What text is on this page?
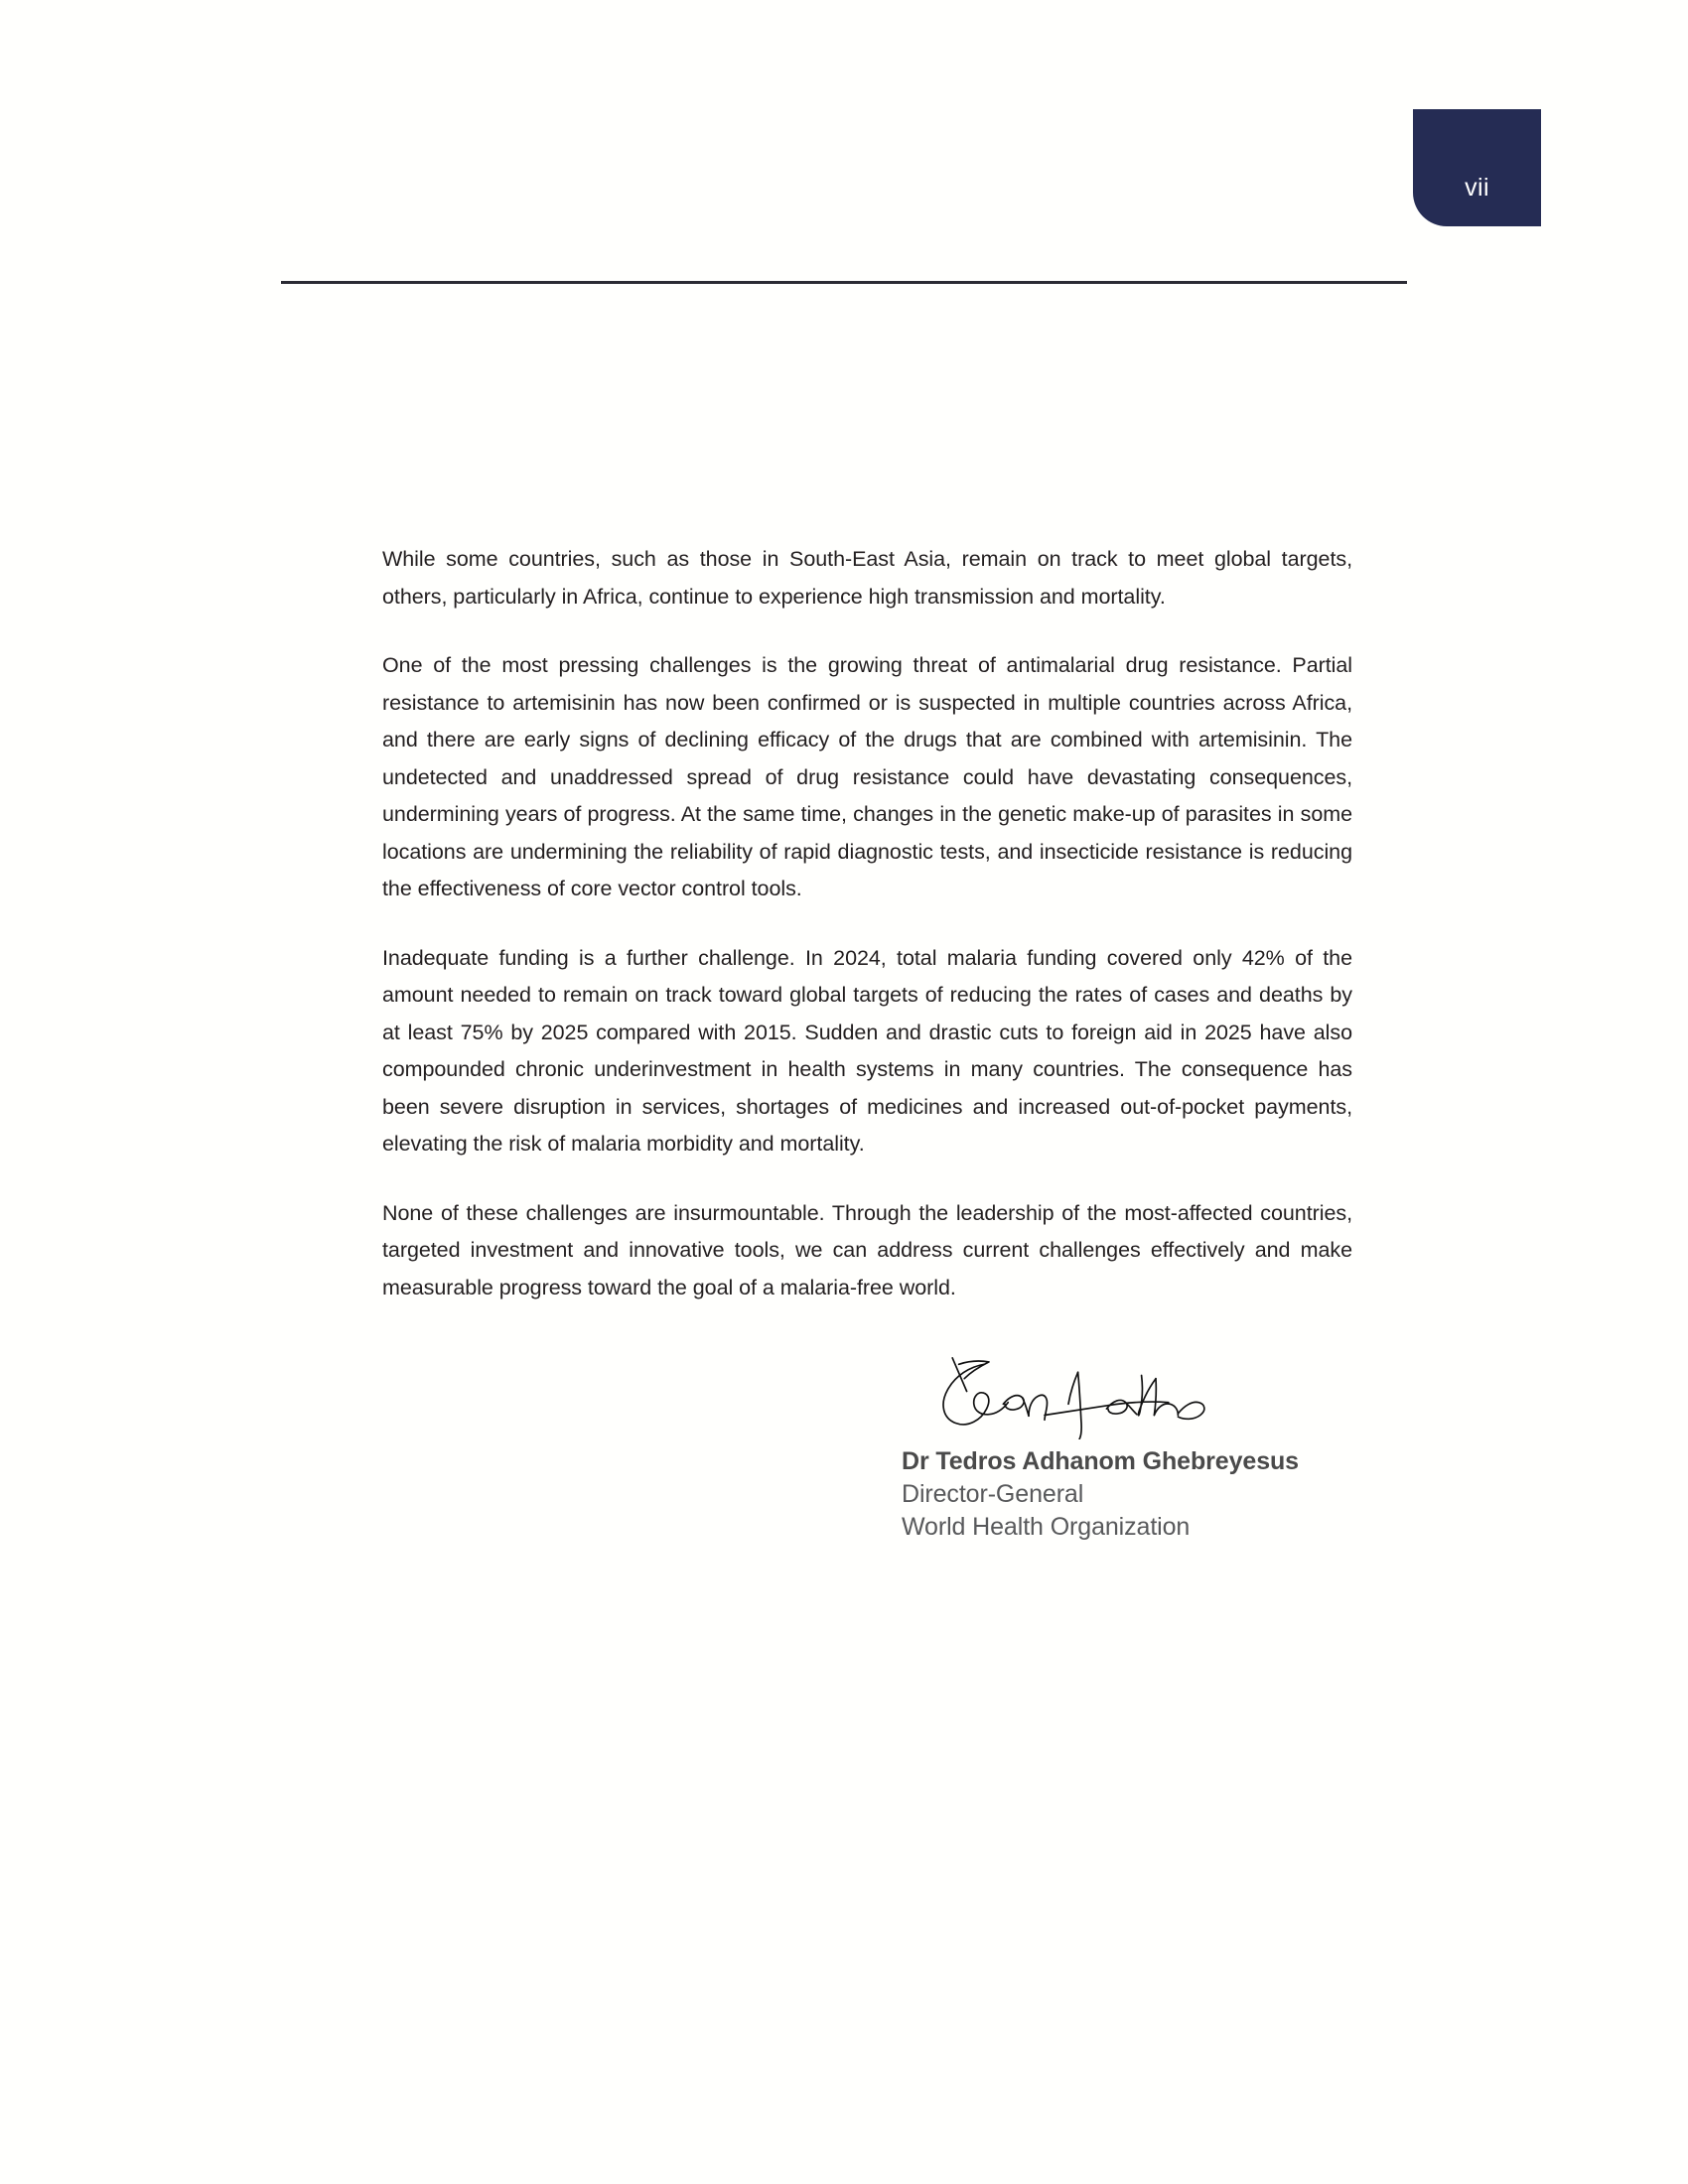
vii

While some countries, such as those in South-East Asia, remain on track to meet global targets, others, particularly in Africa, continue to experience high transmission and mortality.

One of the most pressing challenges is the growing threat of antimalarial drug resistance. Partial resistance to artemisinin has now been confirmed or is suspected in multiple countries across Africa, and there are early signs of declining efficacy of the drugs that are combined with artemisinin. The undetected and unaddressed spread of drug resistance could have devastating consequences, undermining years of progress. At the same time, changes in the genetic make-up of parasites in some locations are undermining the reliability of rapid diagnostic tests, and insecticide resistance is reducing the effectiveness of core vector control tools.

Inadequate funding is a further challenge. In 2024, total malaria funding covered only 42% of the amount needed to remain on track toward global targets of reducing the rates of cases and deaths by at least 75% by 2025 compared with 2015. Sudden and drastic cuts to foreign aid in 2025 have also compounded chronic underinvestment in health systems in many countries. The consequence has been severe disruption in services, shortages of medicines and increased out-of-pocket payments, elevating the risk of malaria morbidity and mortality.

None of these challenges are insurmountable. Through the leadership of the most-affected countries, targeted investment and innovative tools, we can address current challenges effectively and make measurable progress toward the goal of a malaria-free world.

Dr Tedros Adhanom Ghebreyesus
Director-General
World Health Organization
